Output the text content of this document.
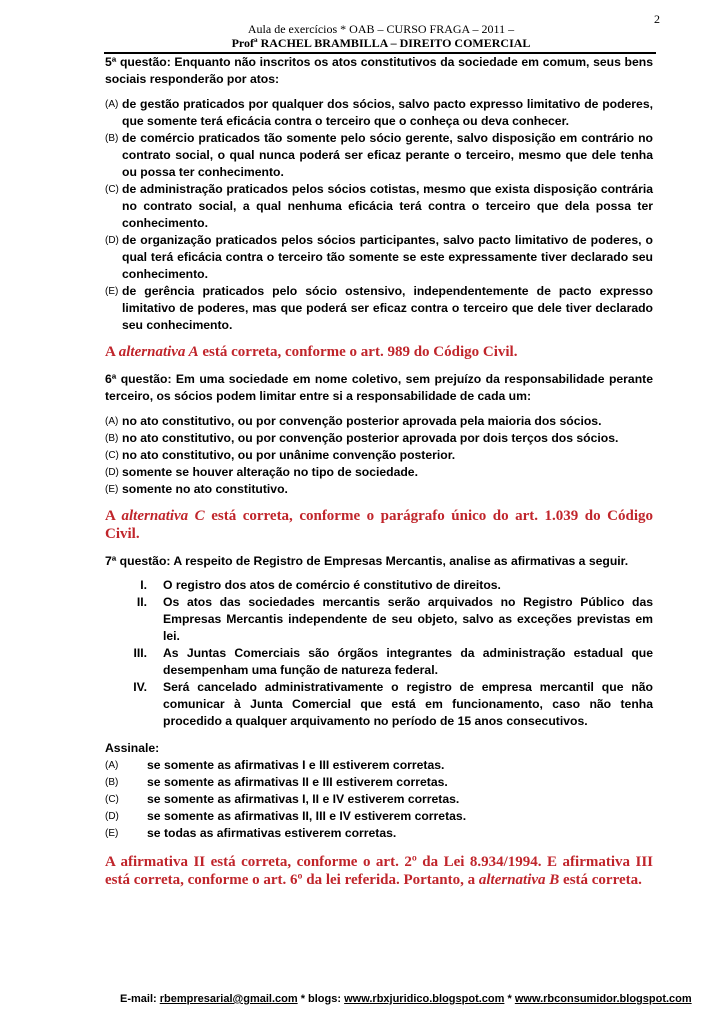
2
Aula de exercícios * OAB – CURSO FRAGA – 2011 –
Profª RACHEL BRAMBILLA – DIREITO COMERCIAL

5ª questão: Enquanto não inscritos os atos constitutivos da sociedade em comum, seus bens sociais responderão por atos:

(A) de gestão praticados por qualquer dos sócios, salvo pacto expresso limitativo de poderes, que somente terá eficácia contra o terceiro que o conheça ou deva conhecer.
(B) de comércio praticados tão somente pelo sócio gerente, salvo disposição em contrário no contrato social, o qual nunca poderá ser eficaz perante o terceiro, mesmo que dele tenha ou possa ter conhecimento.
(C) de administração praticados pelos sócios cotistas, mesmo que exista disposição contrária no contrato social, a qual nenhuma eficácia terá contra o terceiro que dela possa ter conhecimento.
(D) de organização praticados pelos sócios participantes, salvo pacto limitativo de poderes, o qual terá eficácia contra o terceiro tão somente se este expressamente tiver declarado seu conhecimento.
(E) de gerência praticados pelo sócio ostensivo, independentemente de pacto expresso limitativo de poderes, mas que poderá ser eficaz contra o terceiro que dele tiver declarado seu conhecimento.

A alternativa A está correta, conforme o art. 989 do Código Civil.

6ª questão: Em uma sociedade em nome coletivo, sem prejuízo da responsabilidade perante terceiro, os sócios podem limitar entre si a responsabilidade de cada um:

(A) no ato constitutivo, ou por convenção posterior aprovada pela maioria dos sócios.
(B) no ato constitutivo, ou por convenção posterior aprovada por dois terços dos sócios.
(C) no ato constitutivo, ou por unânime convenção posterior.
(D) somente se houver alteração no tipo de sociedade.
(E) somente no ato constitutivo.

A alternativa C está correta, conforme o parágrafo único do art. 1.039 do Código Civil.

7ª questão: A respeito de Registro de Empresas Mercantis, analise as afirmativas a seguir.

I.	O registro dos atos de comércio é constitutivo de direitos.
II.	Os atos das sociedades mercantis serão arquivados no Registro Público das Empresas Mercantis independente de seu objeto, salvo as exceções previstas em lei.
III.	As Juntas Comerciais são órgãos integrantes da administração estadual que desempenham uma função de natureza federal.
IV.	Será cancelado administrativamente o registro de empresa mercantil que não comunicar à Junta Comercial que está em funcionamento, caso não tenha procedido a qualquer arquivamento no período de 15 anos consecutivos.

Assinale:

(A)	se somente as afirmativas I e III estiverem corretas.
(B)	se somente as afirmativas II e III estiverem corretas.
(C)	se somente as afirmativas I, II e IV estiverem corretas.
(D)	se somente as afirmativas II, III e IV estiverem corretas.
(E)	se todas as afirmativas estiverem corretas.

A afirmativa II está correta, conforme o art. 2º da Lei 8.934/1994. E afirmativa III está correta, conforme o art. 6º da lei referida. Portanto, a alternativa B está correta.

E-mail: rbempresarial@gmail.com * blogs: www.rbxjuridico.blogspot.com * www.rbconsumidor.blogspot.com
